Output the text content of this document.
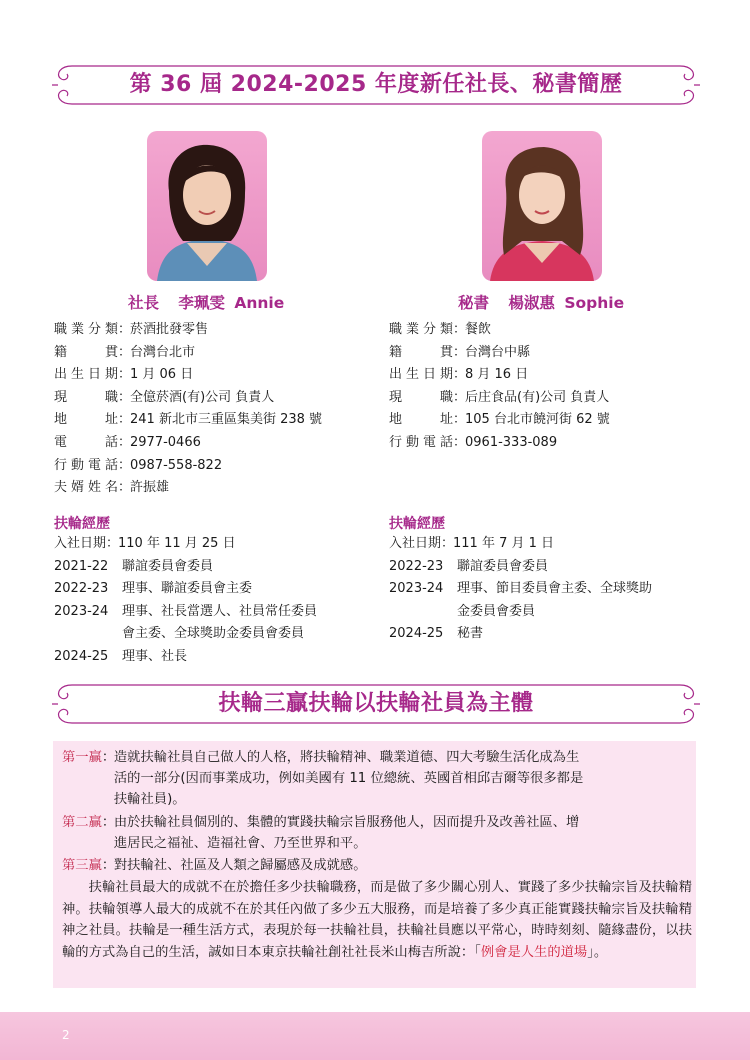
第 36 屆 2024-2025 年度新任社長、秘書簡歷
社長 李珮雯 Annie	秘書 楊淑惠 Sophie
職業分類 ：
菸酒批發零售
籍貫 ：
台灣台北市
出生日期 ：
1 月 06 日
現職 ：
全億菸酒(有)公司 負責人
地址 ：
241 新北市三重區集美街 238 號
電話 ：
2977-0466
行動電話 ：
0987-558-822
夫婿姓名 ：
許振雄
職業分類 ：
餐飲
籍貫 ：
台灣台中縣
出生日期 ：
8 月 16 日
現職 ：
后庄食品(有)公司 負責人
地址 ：
105 台北市饒河街 62 號
行動電話 ：
0961-333-089
扶輪經歷
入社日期 ：
110 年 11 月 25 日
2021-22	聯誼委員會委員
2022-23	理事、聯誼委員會主委
2023-24	理事、社長當選人、社員常任委員
會主委、全球獎助金委員會委員
2024-25	理事、社長
扶輪經歷
入社日期 ：
111 年 7 月 1 日
2022-23	聯誼委員會委員
2023-24	理事、節目委員會主委、全球獎助
金委員會委員
2024-25	秘書
扶輪三贏扶輪以扶輪社員為主體
第一贏 ：
造就扶輪社員自己做人的人格，將扶輪精神、職業道德、四大考驗生活化成為生
活的一部分(因而事業成功，例如美國有 11 位總統、英國首相邱吉爾等很多都是
扶輪社員)。
第二贏 ：
由於扶輪社員個別的、集體的實踐扶輪宗旨服務他人，因而提升及改善社區、增
進居民之福祉、造福社會、乃至世界和平。
第三贏 ：
對扶輪社、社區及人類之歸屬感及成就感。
扶輪社員最大的成就不在於擔任多少扶輪職務，而是做了多少關心別人、實踐了多少扶輪宗旨及扶輪精神。扶輪領導人最大的成就不在於其任內做了多少五大服務，而是培養了多少真正能實踐扶輪宗旨及扶輪精神之社員。扶輪是一種生活方式，表現於每一扶輪社員，扶輪社員應以平常心，時時刻刻、隨緣盡份，以扶輪的方式為自己的生活，誠如日本東京扶輪社創社社長米山梅吉所說：「例會是人生的道場」。
2
